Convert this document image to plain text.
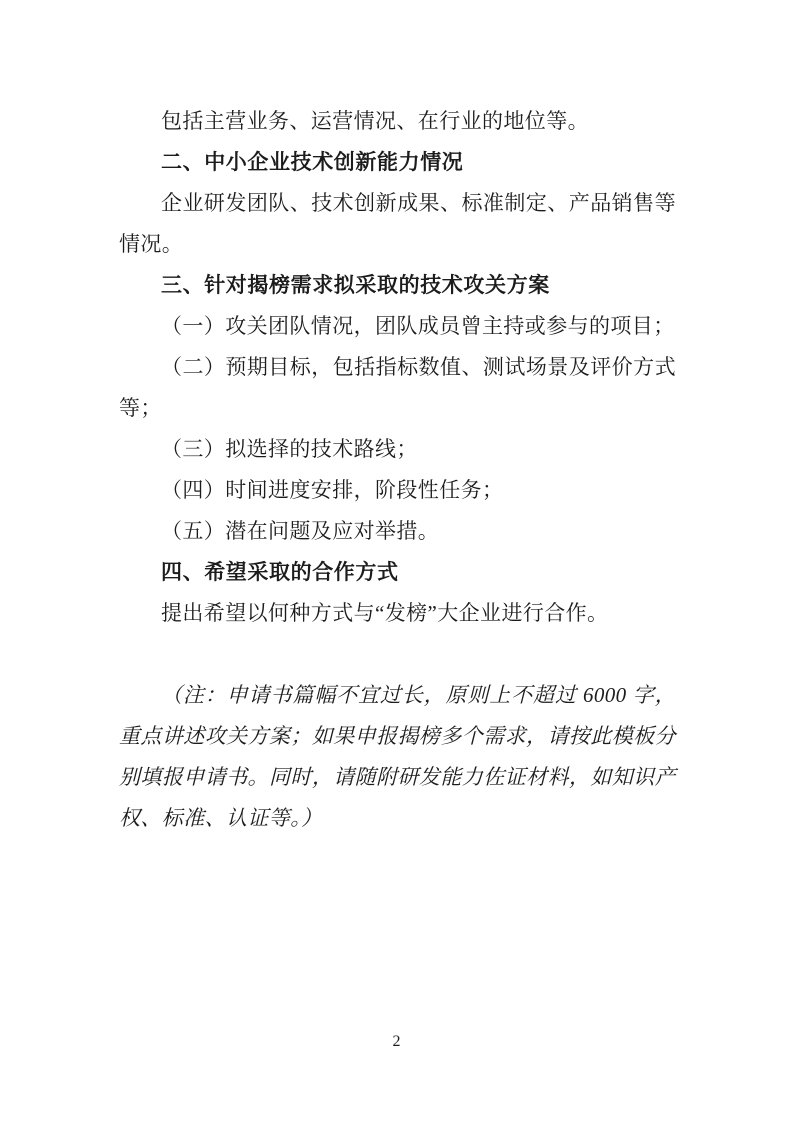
包括主营业务、运营情况、在行业的地位等。

二、中小企业技术创新能力情况

企业研发团队、技术创新成果、标准制定、产品销售等情况。

三、针对揭榜需求拟采取的技术攻关方案

（一）攻关团队情况，团队成员曾主持或参与的项目；

（二）预期目标，包括指标数值、测试场景及评价方式等；

（三）拟选择的技术路线；

（四）时间进度安排，阶段性任务；

（五）潜在问题及应对举措。

四、希望采取的合作方式

提出希望以何种方式与“发榜”大企业进行合作。

（注：申请书篇幅不宜过长，原则上不超过 6000 字，重点讲述攻关方案；如果申报揭榜多个需求，请按此模板分别填报申请书。同时，请随附研发能力佐证材料，如知识产权、标准、认证等。）

2
